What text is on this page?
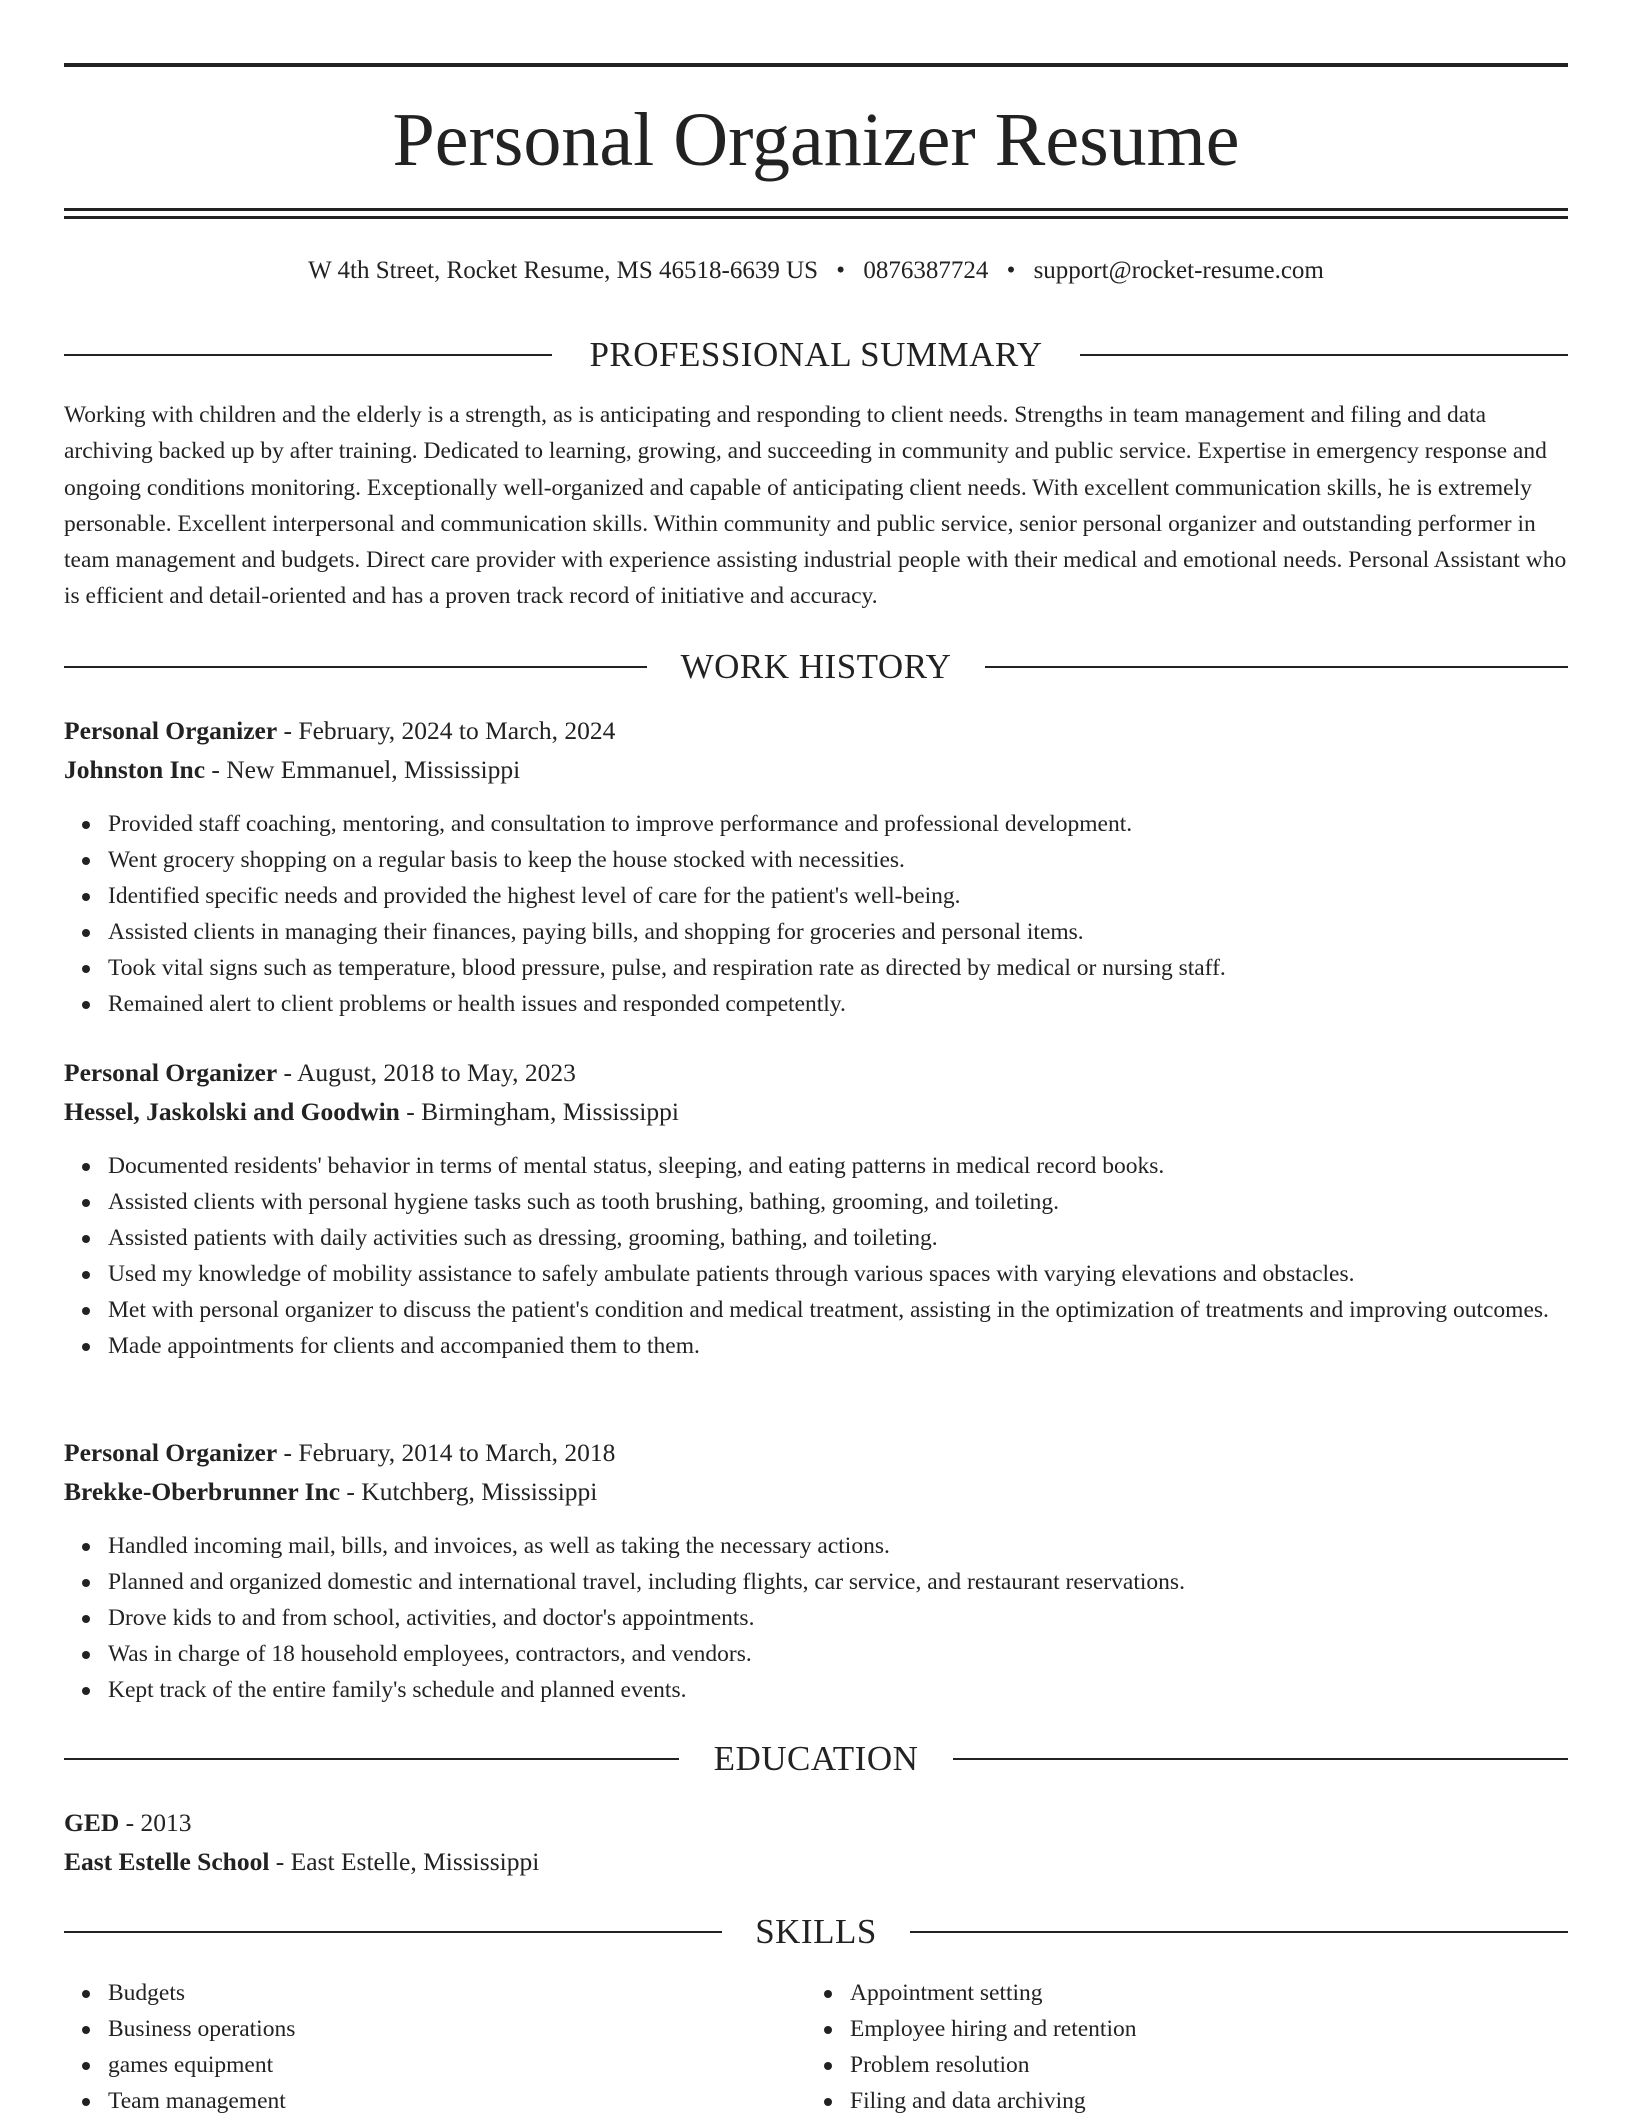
Personal Organizer Resume
W 4th Street, Rocket Resume, MS 46518-6639 US • 0876387724 • support@rocket-resume.com
PROFESSIONAL SUMMARY

Working with children and the elderly is a strength, as is anticipating and responding to client needs. Strengths in team management and filing and data archiving backed up by after training. Dedicated to learning, growing, and succeeding in community and public service. Expertise in emergency response and ongoing conditions monitoring. Exceptionally well-organized and capable of anticipating client needs. With excellent communication skills, he is extremely personable. Excellent interpersonal and communication skills. Within community and public service, senior personal organizer and outstanding performer in team management and budgets. Direct care provider with experience assisting industrial people with their medical and emotional needs. Personal Assistant who is efficient and detail-oriented and has a proven track record of initiative and accuracy.

WORK HISTORY
Personal Organizer - February, 2024 to March, 2024
Johnston Inc - New Emmanuel, Mississippi
Provided staff coaching, mentoring, and consultation to improve performance and professional development.
Went grocery shopping on a regular basis to keep the house stocked with necessities.
Identified specific needs and provided the highest level of care for the patient's well-being.
Assisted clients in managing their finances, paying bills, and shopping for groceries and personal items.
Took vital signs such as temperature, blood pressure, pulse, and respiration rate as directed by medical or nursing staff.
Remained alert to client problems or health issues and responded competently.
Personal Organizer - August, 2018 to May, 2023
Hessel, Jaskolski and Goodwin - Birmingham, Mississippi
Documented residents' behavior in terms of mental status, sleeping, and eating patterns in medical record books.
Assisted clients with personal hygiene tasks such as tooth brushing, bathing, grooming, and toileting.
Assisted patients with daily activities such as dressing, grooming, bathing, and toileting.
Used my knowledge of mobility assistance to safely ambulate patients through various spaces with varying elevations and obstacles.
Met with personal organizer to discuss the patient's condition and medical treatment, assisting in the optimization of treatments and improving outcomes.
Made appointments for clients and accompanied them to them.
Personal Organizer - February, 2014 to March, 2018
Brekke-Oberbrunner Inc - Kutchberg, Mississippi
Handled incoming mail, bills, and invoices, as well as taking the necessary actions.
Planned and organized domestic and international travel, including flights, car service, and restaurant reservations.
Drove kids to and from school, activities, and doctor's appointments.
Was in charge of 18 household employees, contractors, and vendors.
Kept track of the entire family's schedule and planned events.
EDUCATION
GED - 2013
East Estelle School - East Estelle, Mississippi
SKILLS
Budgets
Business operations
games equipment
Team management
Appointment setting
Employee hiring and retention
Problem resolution
Filing and data archiving
